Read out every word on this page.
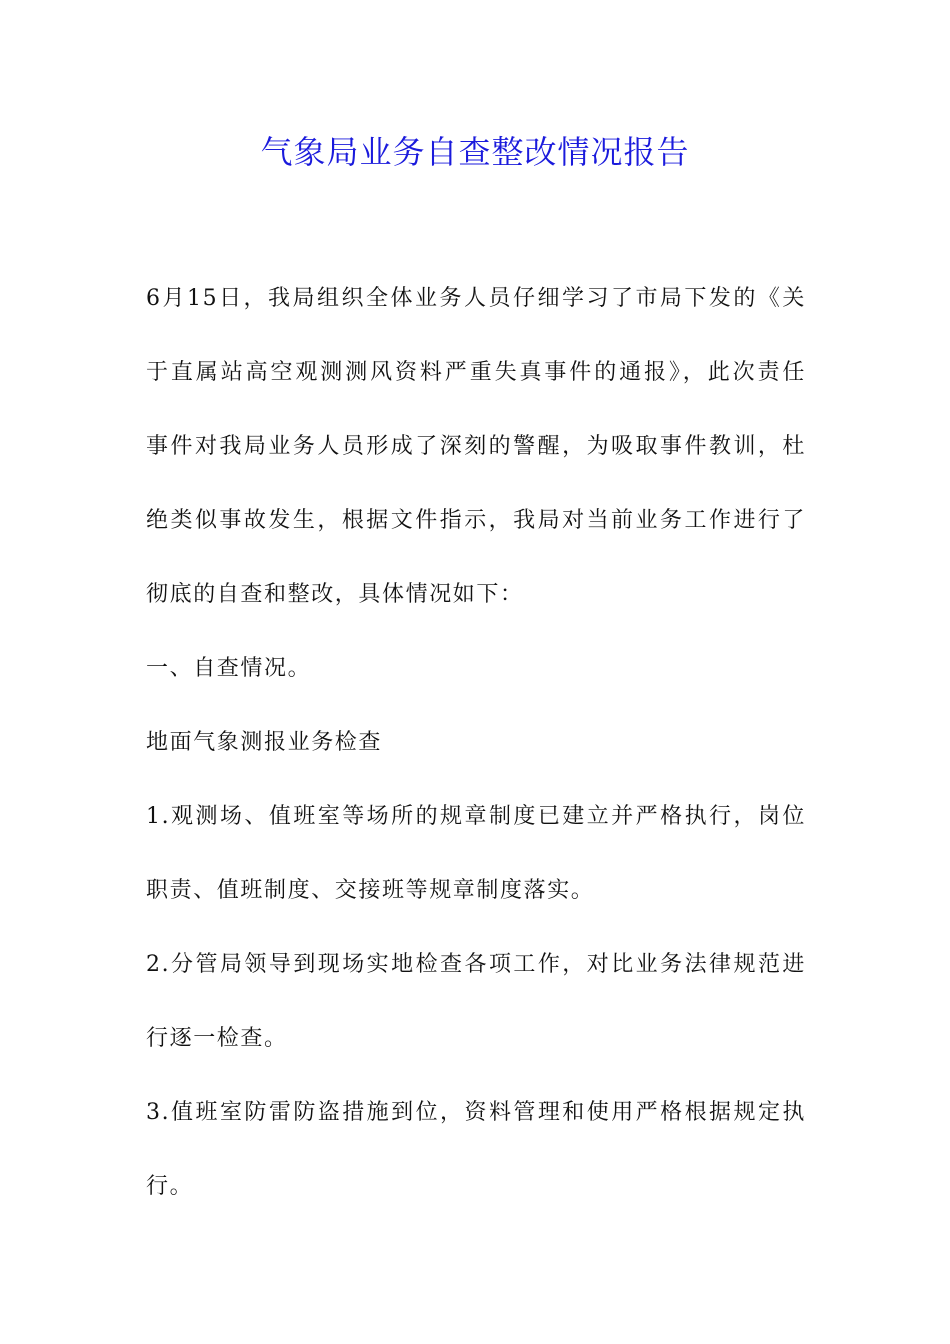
气象局业务自查整改情况报告
6月15日，我局组织全体业务人员仔细学习了市局下发的《关
于直属站高空观测测风资料严重失真事件的通报》，此次责任
事件对我局业务人员形成了深刻的警醒，为吸取事件教训，杜
绝类似事故发生，根据文件指示，我局对当前业务工作进行了
彻底的自查和整改，具体情况如下：
一、自查情况。
地面气象测报业务检查
1.观测场、值班室等场所的规章制度已建立并严格执行，岗位
职责、值班制度、交接班等规章制度落实。
2.分管局领导到现场实地检查各项工作，对比业务法律规范进
行逐一检查。
3.值班室防雷防盗措施到位，资料管理和使用严格根据规定执
行。
